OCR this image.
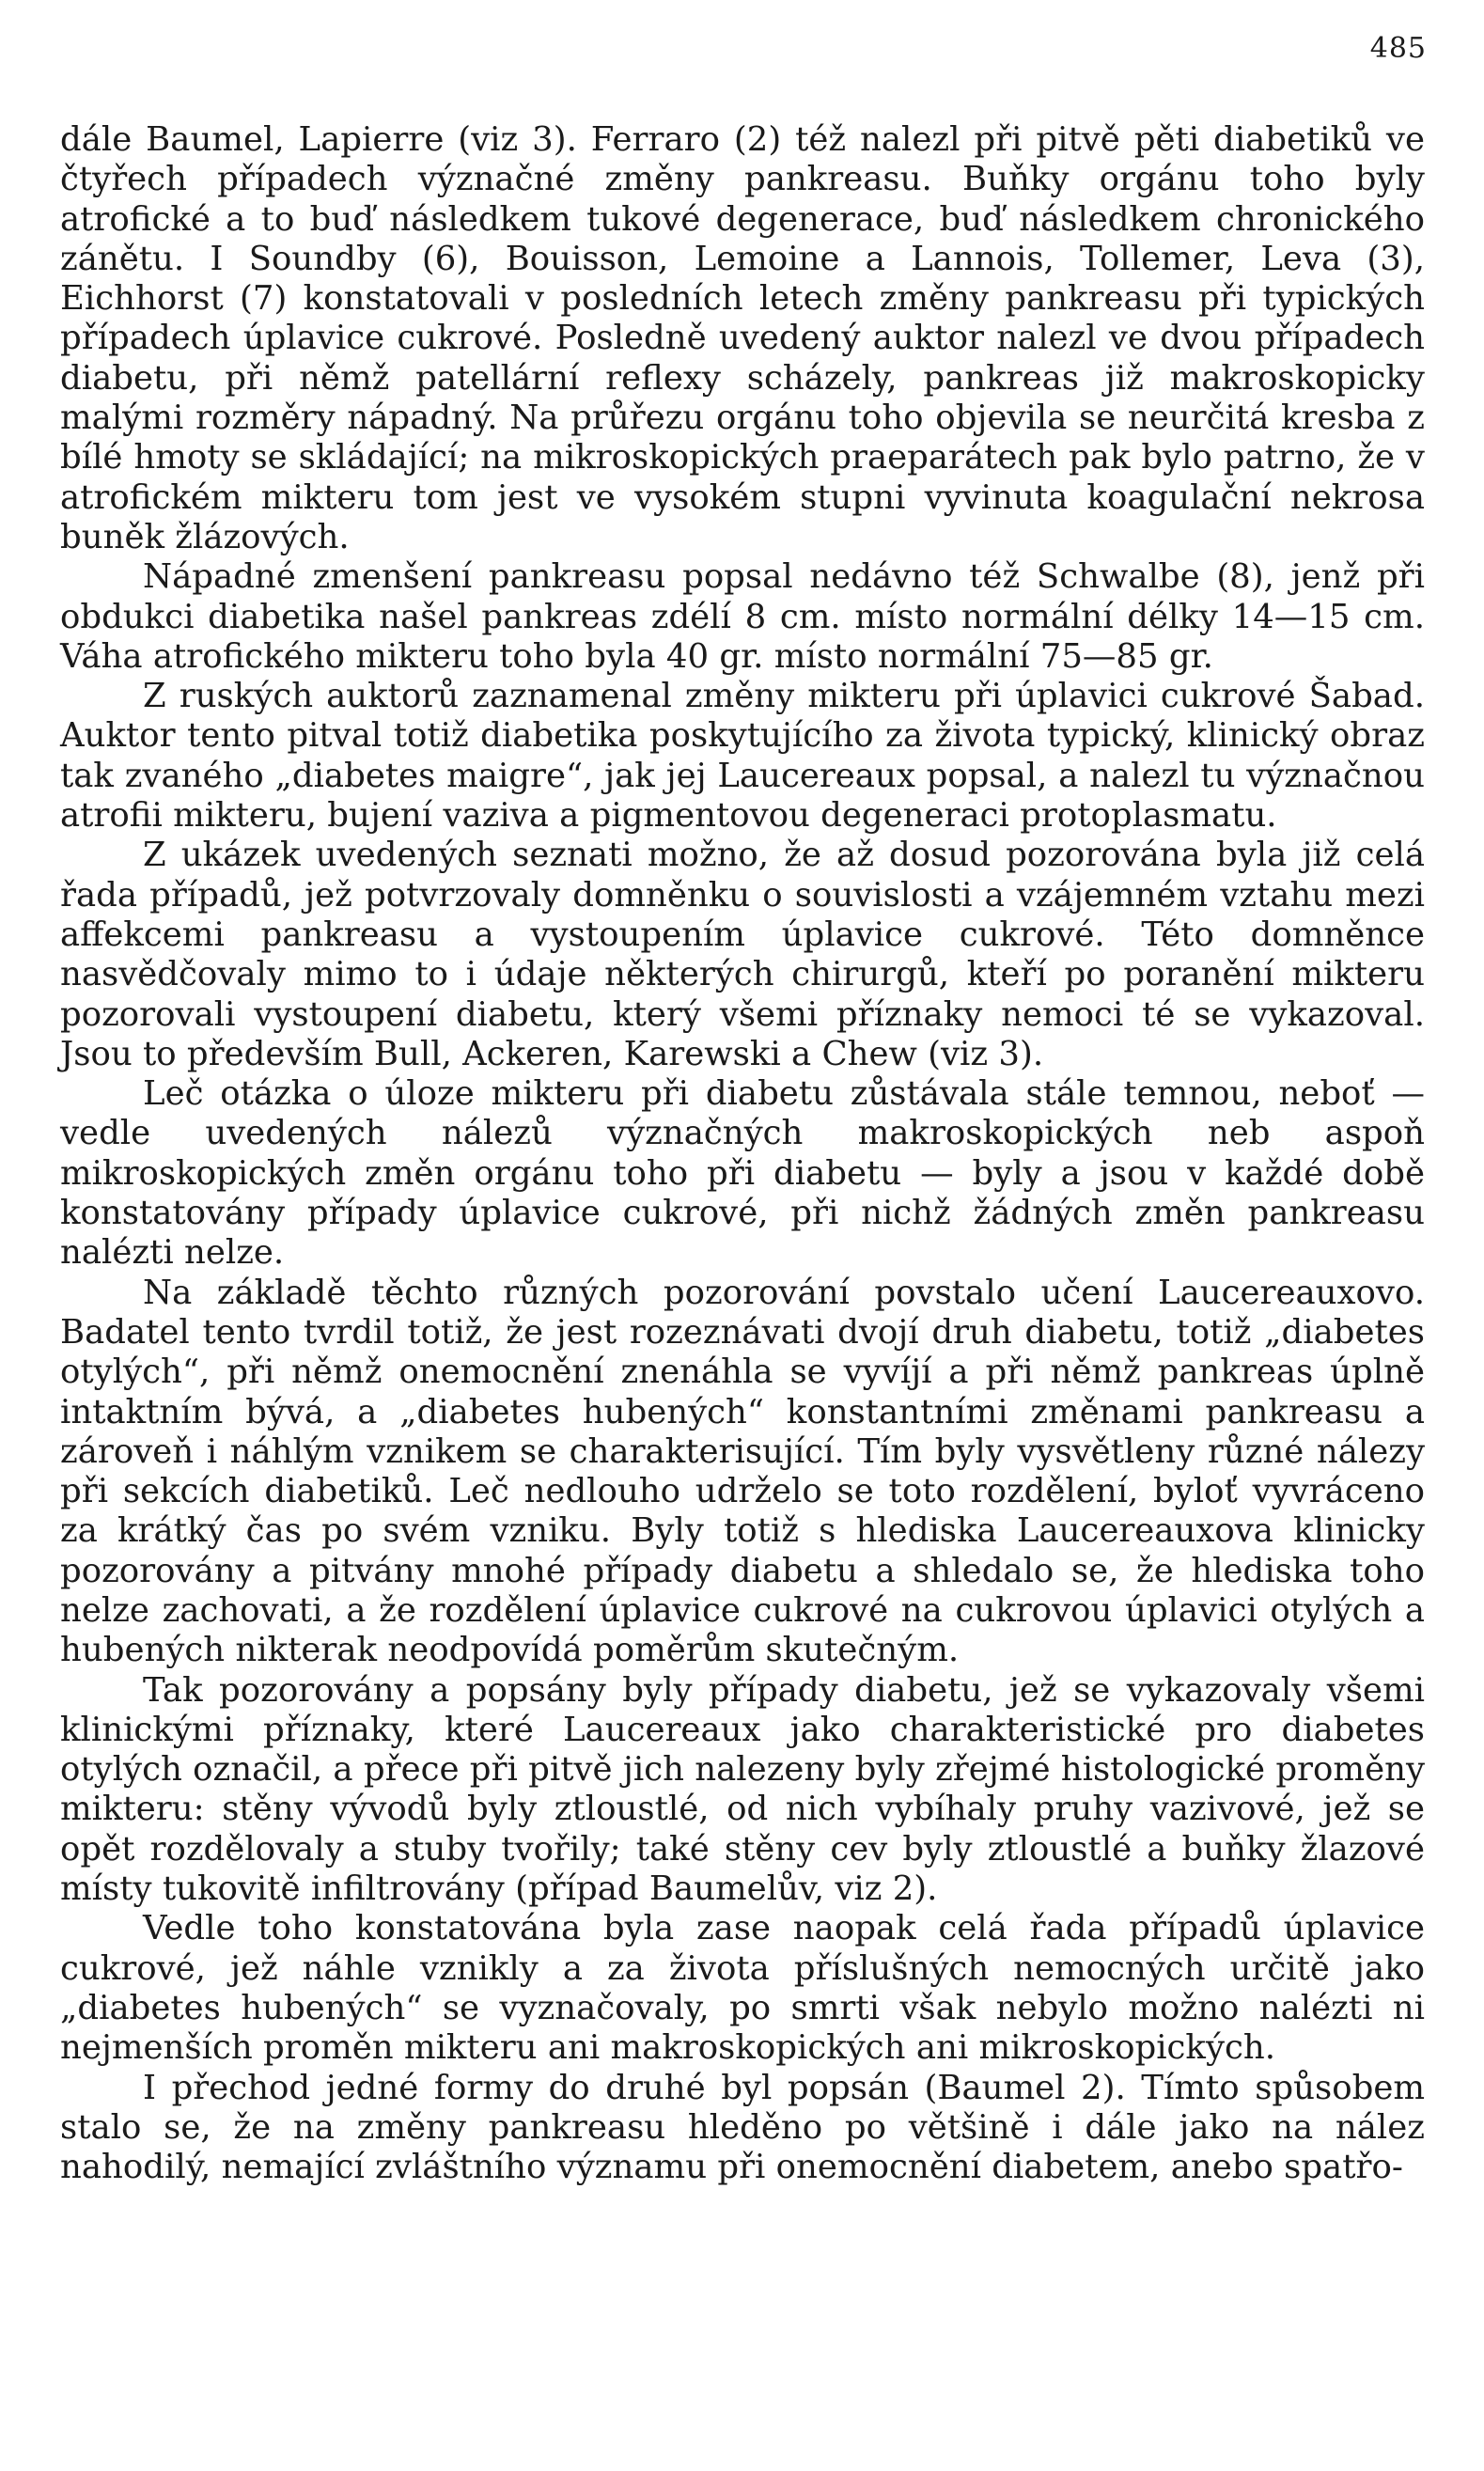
485

dále Baumel, Lapierre (viz 3). Ferraro (2) též nalezl při pitvě pěti diabetiků ve čtyřech případech význačné změny pankreasu. Buňky orgánu toho byly atrofické a to buď následkem tukové degenerace, buď následkem chronického zánětu. I Soundby (6), Bouisson, Lemoine a Lannois, Tollemer, Leva (3), Eichhorst (7) konstatovali v posledních letech změny pankreasu při typických případech úplavice cukrové. Posledně uvedený auktor nalezl ve dvou případech diabetu, při němž patellární reflexy scházely, pankreas již makroskopicky malými rozměry nápadný. Na průřezu orgánu toho objevila se neurčitá kresba z bílé hmoty se skládající; na mikroskopických praeparátech pak bylo patrno, že v atrofickém mikteru tom jest ve vysokém stupni vyvinuta koagulační nekrosa buněk žlázových.

Nápadné zmenšení pankreasu popsal nedávno též Schwalbe (8), jenž při obdukci diabetika našel pankreas zdélí 8 cm. místo normální délky 14—15 cm. Váha atrofického mikteru toho byla 40 gr. místo normální 75—85 gr.

Z ruských auktorů zaznamenal změny mikteru při úplavici cukrové Šabad. Auktor tento pitval totiž diabetika poskytujícího za života typický, klinický obraz tak zvaného „diabetes maigre“, jak jej Laucereaux popsal, a nalezl tu význačnou atrofii mikteru, bujení vaziva a pigmentovou degeneraci protoplasmatu.

Z ukázek uvedených seznati možno, že až dosud pozorována byla již celá řada případů, jež potvrzovaly domněnku o souvislosti a vzájemném vztahu mezi affekcemi pankreasu a vystoupením úplavice cukrové. Této domněnce nasvědčovaly mimo to i údaje některých chirurgů, kteří po poranění mikteru pozorovali vystoupení diabetu, který všemi příznaky nemoci té se vykazoval. Jsou to především Bull, Ackeren, Karewski a Chew (viz 3).

Leč otázka o úloze mikteru při diabetu zůstávala stále temnou, neboť — vedle uvedených nálezů význačných makroskopických neb aspoň mikroskopických změn orgánu toho při diabetu — byly a jsou v každé době konstatovány případy úplavice cukrové, při nichž žádných změn pankreasu nalézti nelze.

Na základě těchto různých pozorování povstalo učení Laucereauxovo. Badatel tento tvrdil totiž, že jest rozeznávati dvojí druh diabetu, totiž „diabetes otylých“, při němž onemocnění znenáhla se vyvíjí a při němž pankreas úplně intaktním bývá, a „diabetes hubených“ konstantními změnami pankreasu a zároveň i náhlým vznikem se charakterisující. Tím byly vysvětleny různé nálezy při sekcích diabetiků. Leč nedlouho udrželo se toto rozdělení, byloť vyvráceno za krátký čas po svém vzniku. Byly totiž s hlediska Laucereauxova klinicky pozorovány a pitvány mnohé případy diabetu a shledalo se, že hlediska toho nelze zachovati, a že rozdělení úplavice cukrové na cukrovou úplavici otylých a hubených nikterak neodpovídá poměrům skutečným.

Tak pozorovány a popsány byly případy diabetu, jež se vykazovaly všemi klinickými příznaky, které Laucereaux jako charakteristické pro diabetes otylých označil, a přece při pitvě jich nalezeny byly zřejmé histologické proměny mikteru: stěny vývodů byly ztloustlé, od nich vybíhaly pruhy vazivové, jež se opět rozdělovaly a stuby tvořily; také stěny cev byly ztloustlé a buňky žlazové místy tukovitě infiltrovány (případ Baumelův, viz 2).

Vedle toho konstatována byla zase naopak celá řada případů úplavice cukrové, jež náhle vznikly a za života příslušných nemocných určitě jako „diabetes hubených“ se vyznačovaly, po smrti však nebylo možno nalézti ni nejmenších proměn mikteru ani makroskopických ani mikroskopických.

I přechod jedné formy do druhé byl popsán (Baumel 2). Tímto spůsobem stalo se, že na změny pankreasu hleděno po většině i dále jako na nález nahodilý, nemající zvláštního významu při onemocnění diabetem, anebo spatřo-
